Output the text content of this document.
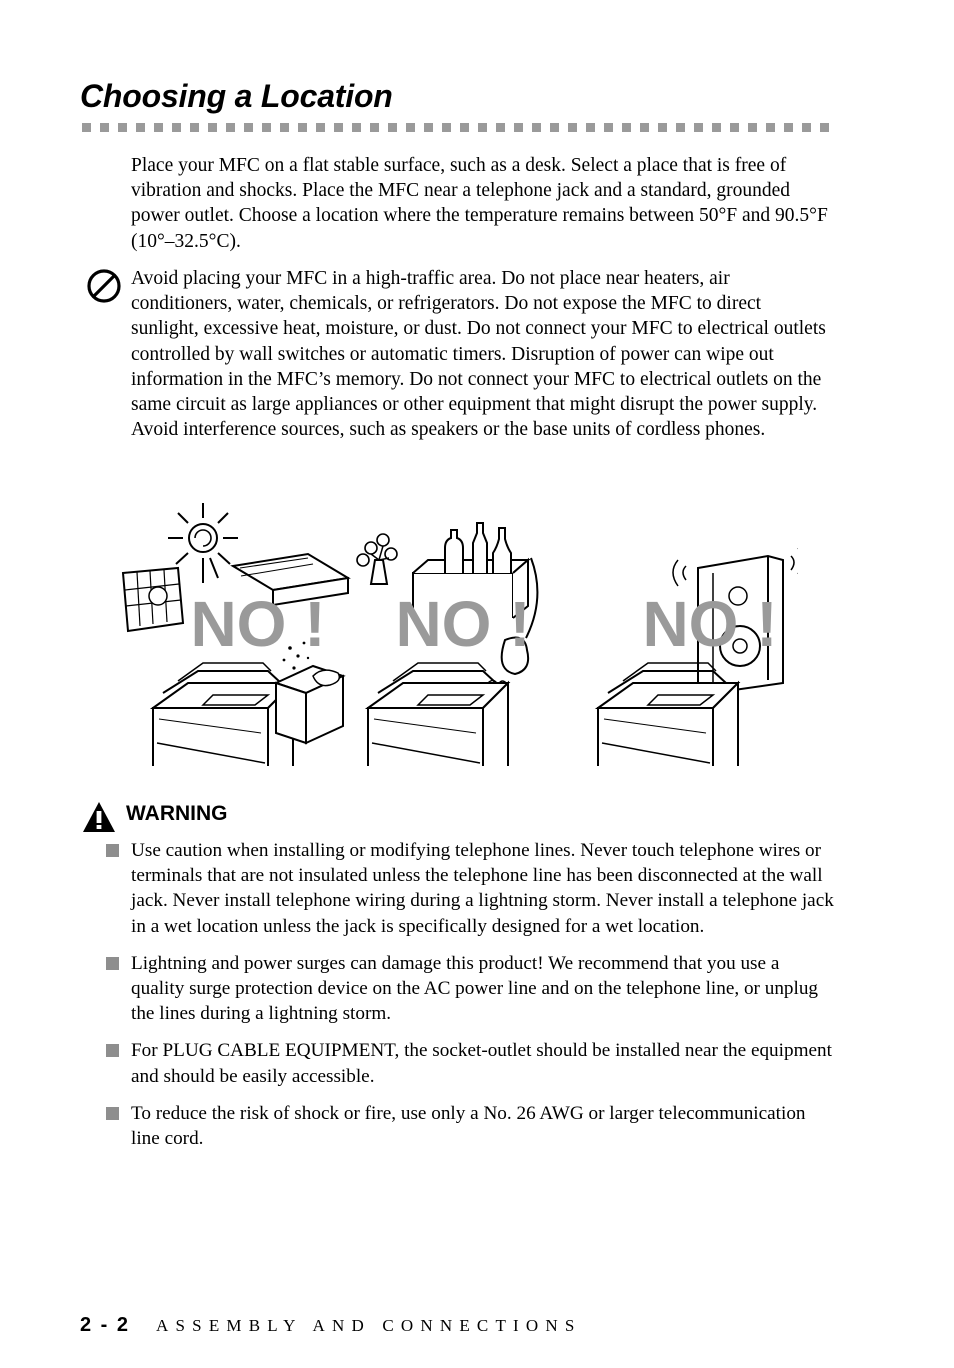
Choosing a Location

Place your MFC on a flat stable surface, such as a desk. Select a place that is free of vibration and shocks. Place the MFC near a telephone jack and a standard, grounded power outlet. Choose a location where the temperature remains between 50°F and 90.5°F (10°–32.5°C).

Avoid placing your MFC in a high-traffic area. Do not place near heaters, air conditioners, water, chemicals, or refrigerators. Do not expose the MFC to direct sunlight, excessive heat, moisture, or dust. Do not connect your MFC to electrical outlets controlled by wall switches or automatic timers. Disruption of power can wipe out information in the MFC’s memory. Do not connect your MFC to electrical outlets on the same circuit as large appliances or other equipment that might disrupt the power supply. Avoid interference sources, such as speakers or the base units of cordless phones.

NO ! NO ! NO !
WARNING
Use caution when installing or modifying telephone lines. Never touch telephone wires or terminals that are not insulated unless the telephone line has been disconnected at the wall jack. Never install telephone wiring during a lightning storm. Never install a telephone jack in a wet location unless the jack is specifically designed for a wet location.
Lightning and power surges can damage this product! We recommend that you use a quality surge protection device on the AC power line and on the telephone line, or unplug the lines during a lightning storm.
For PLUG CABLE EQUIPMENT, the socket-outlet should be installed near the equipment and should be easily accessible.
To reduce the risk of shock or fire, use only a No. 26 AWG or larger telecommunication line cord.
2 - 2 ASSEMBLY AND CONNECTIONS
